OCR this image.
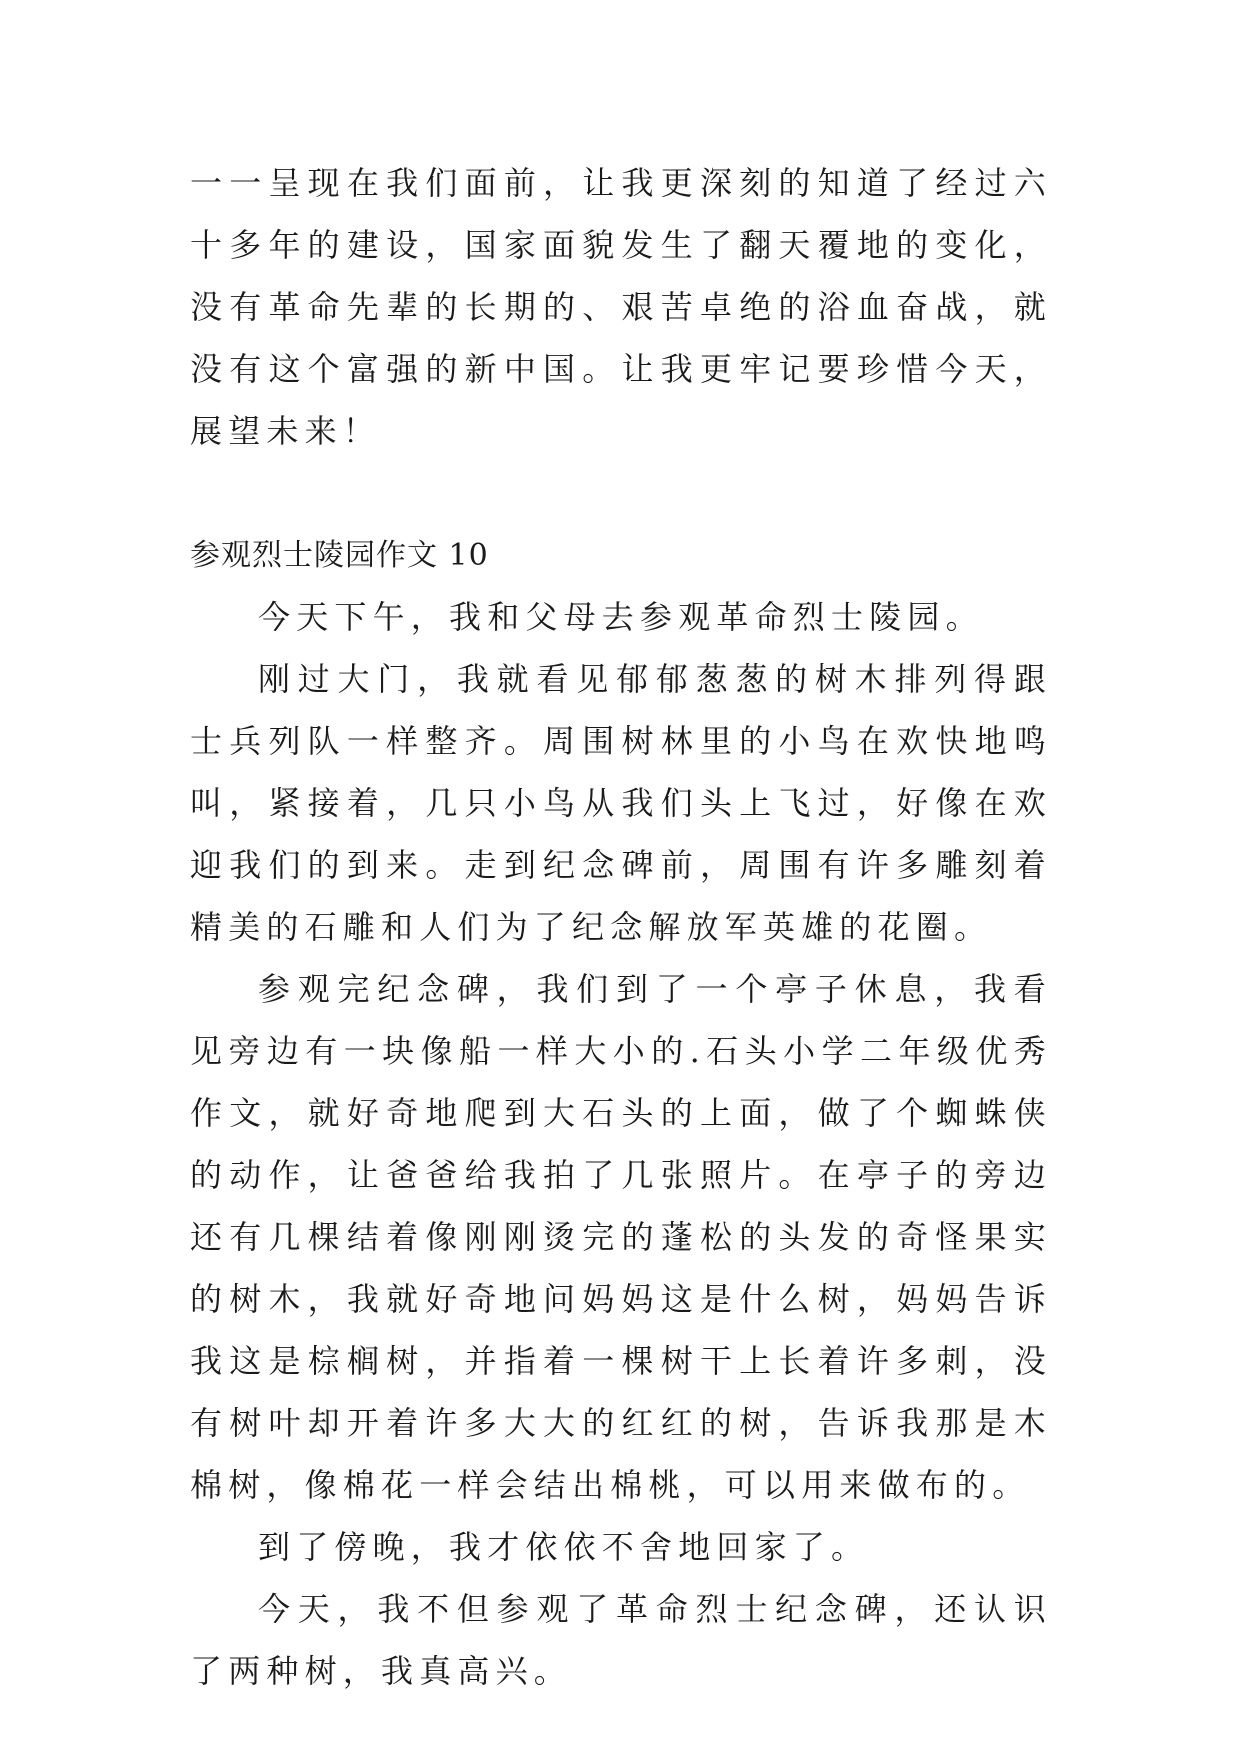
一一呈现在我们面前，让我更深刻的知道了经过六十多年的建设，国家面貌发生了翻天覆地的变化，没有革命先辈的长期的、艰苦卓绝的浴血奋战，就没有这个富强的新中国。让我更牢记要珍惜今天，展望未来！

参观烈士陵园作文 10

今天下午，我和父母去参观革命烈士陵园。

刚过大门，我就看见郁郁葱葱的树木排列得跟士兵列队一样整齐。周围树林里的小鸟在欢快地鸣叫，紧接着，几只小鸟从我们头上飞过，好像在欢迎我们的到来。走到纪念碑前，周围有许多雕刻着精美的石雕和人们为了纪念解放军英雄的花圈。

参观完纪念碑，我们到了一个亭子休息，我看见旁边有一块像船一样大小的.石头小学二年级优秀作文，就好奇地爬到大石头的上面，做了个蜘蛛侠的动作，让爸爸给我拍了几张照片。在亭子的旁边还有几棵结着像刚刚烫完的蓬松的头发的奇怪果实的树木，我就好奇地问妈妈这是什么树，妈妈告诉我这是棕榈树，并指着一棵树干上长着许多刺，没有树叶却开着许多大大的红红的树，告诉我那是木棉树，像棉花一样会结出棉桃，可以用来做布的。

到了傍晚，我才依依不舍地回家了。

今天，我不但参观了革命烈士纪念碑，还认识了两种树，我真高兴。
